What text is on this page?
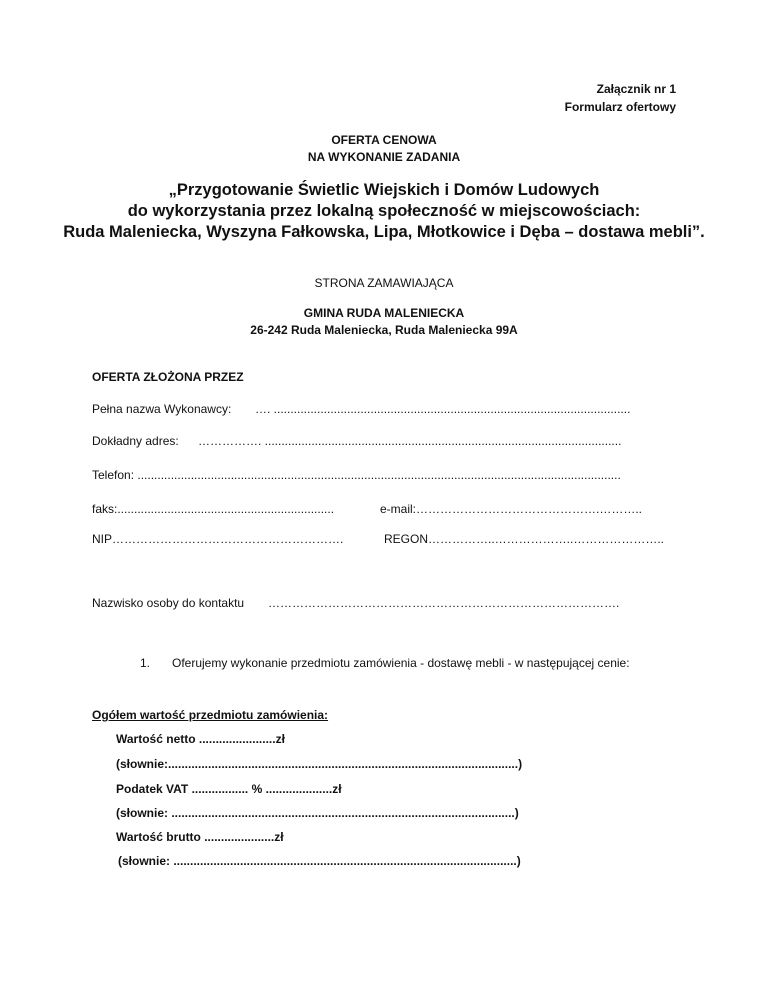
Załącznik nr 1
Formularz ofertowy
OFERTA CENOWA
NA WYKONANIE ZADANIA
„Przygotowanie Świetlic Wiejskich i Domów Ludowych
do wykorzystania przez lokalną społeczność w miejscowościach:
Ruda Maleniecka, Wyszyna Fałkowska, Lipa, Młotkowice i Dęba – dostawa mebli”.
STRONA ZAMAWIAJĄCA
GMINA RUDA MALENIECKA
26-242 Ruda Maleniecka, Ruda Maleniecka 99A
OFERTA ZŁOŻONA PRZEZ
Pełna nazwa Wykonawcy: …. ...........................................................................................................
Dokładny adres: ……………. ...........................................................................................................
Telefon: .................................................................................................................................................
faks:.................................................................	e-mail:……………………………………….………..
NIP………………………………………………….	REGON……………..………………..…………………..
Nazwisko osoby do kontaktu …………………………………………………………………………….
1. Oferujemy wykonanie przedmiotu zamówienia - dostawę mebli - w następującej cenie:
Ogółem wartość przedmiotu zamówienia:
Wartość netto .......................zł
(słownie:.........................................................................................................)
Podatek VAT ................. % ....................zł
(słownie: .......................................................................................................)
Wartość brutto .....................zł
(słownie: .......................................................................................................)
